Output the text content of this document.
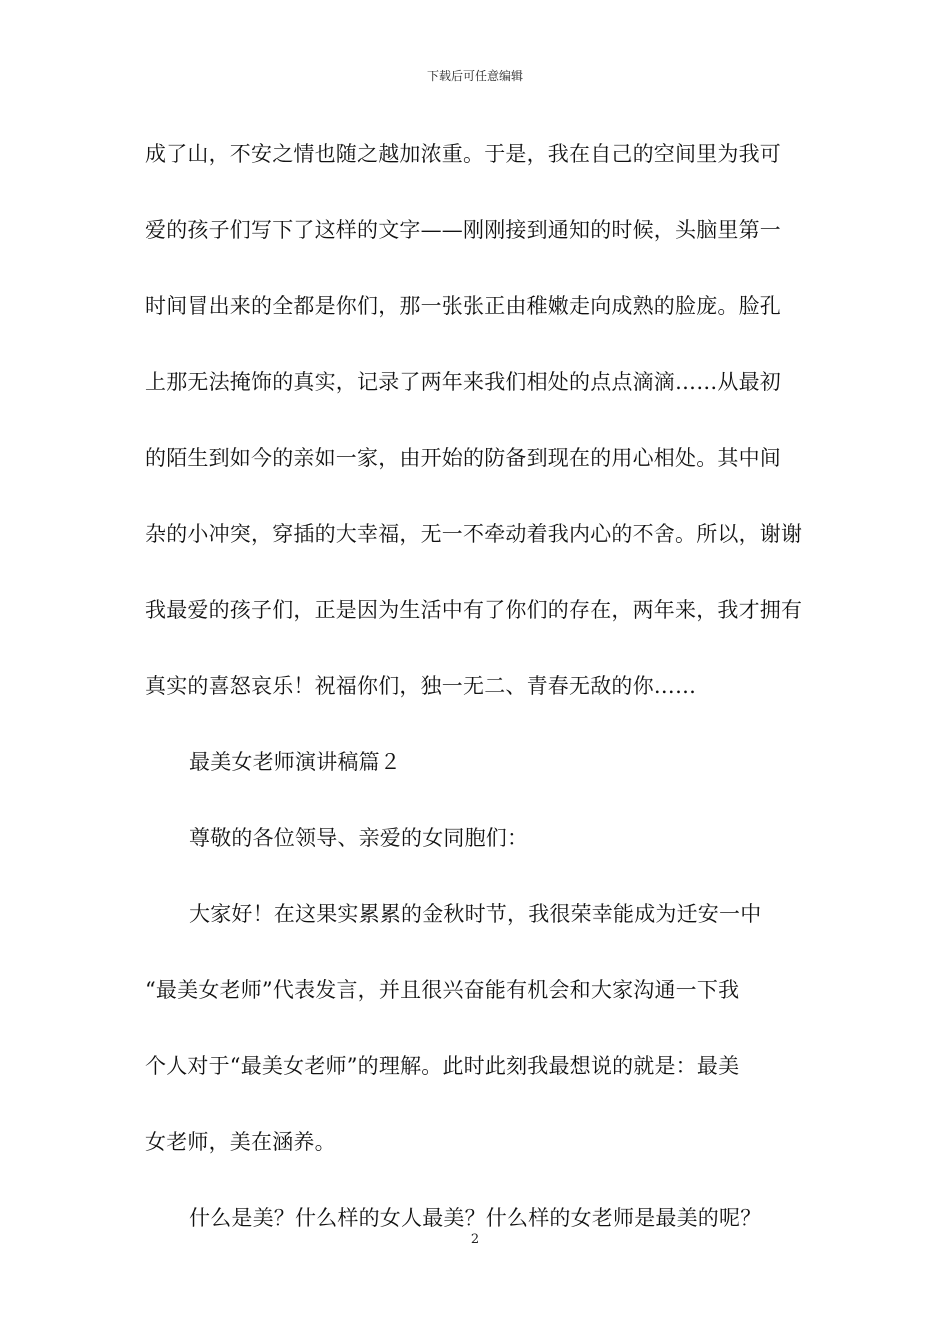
下载后可任意编辑
成了山，不安之情也随之越加浓重。于是，我在自己的空间里为我可
爱的孩子们写下了这样的文字——刚刚接到通知的时候，头脑里第一
时间冒出来的全都是你们，那一张张正由稚嫩走向成熟的脸庞。脸孔
上那无法掩饰的真实，记录了两年来我们相处的点点滴滴……从最初
的陌生到如今的亲如一家，由开始的防备到现在的用心相处。其中间
杂的小冲突，穿插的大幸福，无一不牵动着我内心的不舍。所以，谢谢
我最爱的孩子们，正是因为生活中有了你们的存在，两年来，我才拥有
真实的喜怒哀乐！祝福你们，独一无二、青春无敌的你……
最美女老师演讲稿篇２
尊敬的各位领导、亲爱的女同胞们：
大家好！在这果实累累的金秋时节，我很荣幸能成为迁安一中
“最美女老师”代表发言，并且很兴奋能有机会和大家沟通一下我
个人对于“最美女老师”的理解。此时此刻我最想说的就是：最美
女老师，美在涵养。
什么是美？什么样的女人最美？什么样的女老师是最美的呢？
2
